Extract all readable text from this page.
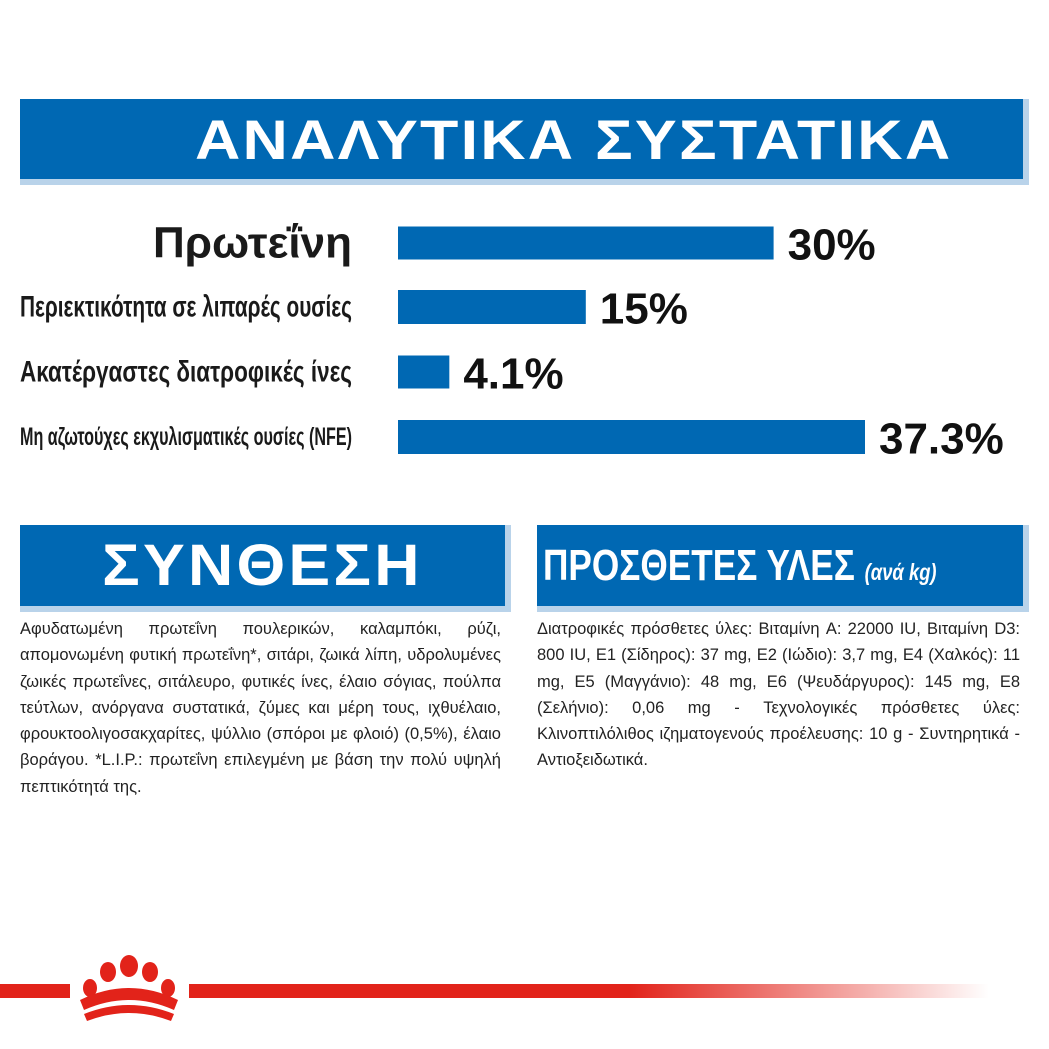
ΑΝΑΛΥΤΙΚΑ ΣΥΣΤΑΤΙΚΑ
Πρωτεΐνη	30%
Περιεκτικότητα σε λιπαρές ουσίες	15%
Ακατέργαστες διατροφικές ίνες	4.1%
Μη αζωτούχες εκχυλισματικές ουσίες (NFE)	37.3%
ΣΥΝΘΕΣΗ

Αφυδατωμένη πρωτεΐνη πουλερικών, καλαμπόκι, ρύζι, απομονωμένη φυτική πρωτεΐνη*, σιτάρι, ζωικά λίπη, υδρολυμένες ζωικές πρωτεΐνες, σιτάλευρο, φυτικές ίνες, έλαιο σόγιας, πούλπα τεύτλων, ανόργανα συστατικά, ζύμες και μέρη τους, ιχθυέλαιο, φρουκτοολιγοσακχαρίτες, ψύλλιο (σπόροι με φλοιό) (0,5%), έλαιο βοράγου. *L.I.P.: πρωτεΐνη επιλεγμένη με βάση την πολύ υψηλή πεπτικότητά της.

ΠΡΟΣΘΕΤΕΣ ΥΛΕΣ (ανά kg)

Διατροφικές πρόσθετες ύλες: Βιταμίνη A: 22000 IU, Βιταμίνη D3: 800 IU, E1 (Σίδηρος): 37 mg, E2 (Ιώδιο): 3,7 mg, E4 (Χαλκός): 11 mg, E5 (Μαγγάνιο): 48 mg, E6 (Ψευδάργυρος): 145 mg, E8 (Σελήνιο): 0,06 mg - Τεχνολογικές πρόσθετες ύλες: Κλινοπτιλόλιθος ιζηματογενούς προέλευσης: 10 g - Συντηρητικά - Αντιοξειδωτικά.
